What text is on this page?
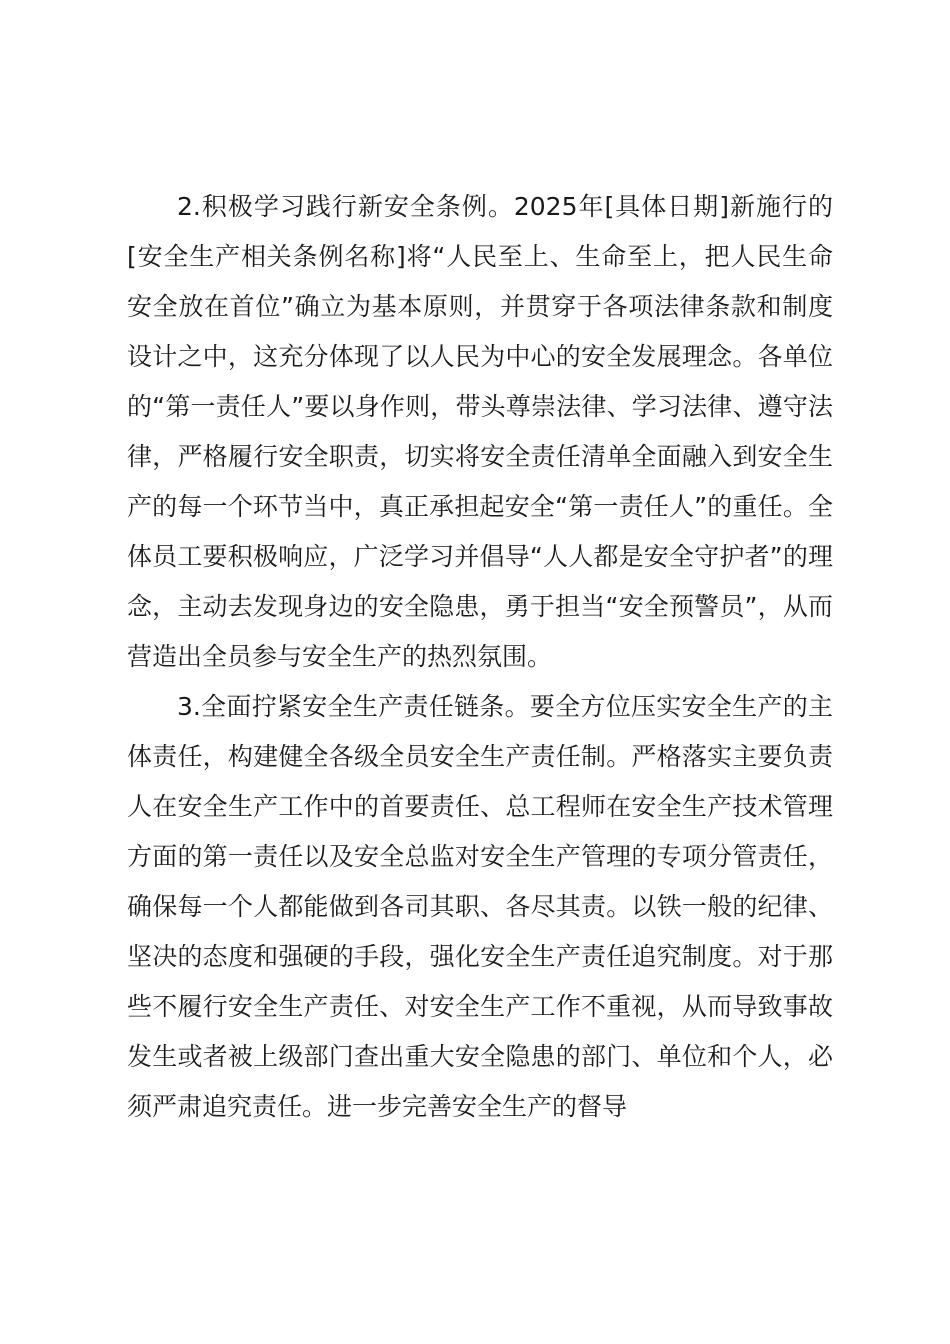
2.积极学习践行新安全条例。2025年[具体日期]新施行的[安全生产相关条例名称]将“人民至上、生命至上，把人民生命安全放在首位”确立为基本原则，并贯穿于各项法律条款和制度设计之中，这充分体现了以人民为中心的安全发展理念。各单位的“第一责任人”要以身作则，带头尊崇法律、学习法律、遵守法律，严格履行安全职责，切实将安全责任清单全面融入到安全生产的每一个环节当中，真正承担起安全“第一责任人”的重任。全体员工要积极响应，广泛学习并倡导“人人都是安全守护者”的理念，主动去发现身边的安全隐患，勇于担当“安全预警员”，从而营造出全员参与安全生产的热烈氛围。

3.全面拧紧安全生产责任链条。要全方位压实安全生产的主体责任，构建健全各级全员安全生产责任制。严格落实主要负责人在安全生产工作中的首要责任、总工程师在安全生产技术管理方面的第一责任以及安全总监对安全生产管理的专项分管责任，确保每一个人都能做到各司其职、各尽其责。以铁一般的纪律、坚决的态度和强硬的手段，强化安全生产责任追究制度。对于那些不履行安全生产责任、对安全生产工作不重视，从而导致事故发生或者被上级部门查出重大安全隐患的部门、单位和个人，必须严肃追究责任。进一步完善安全生产的督导
